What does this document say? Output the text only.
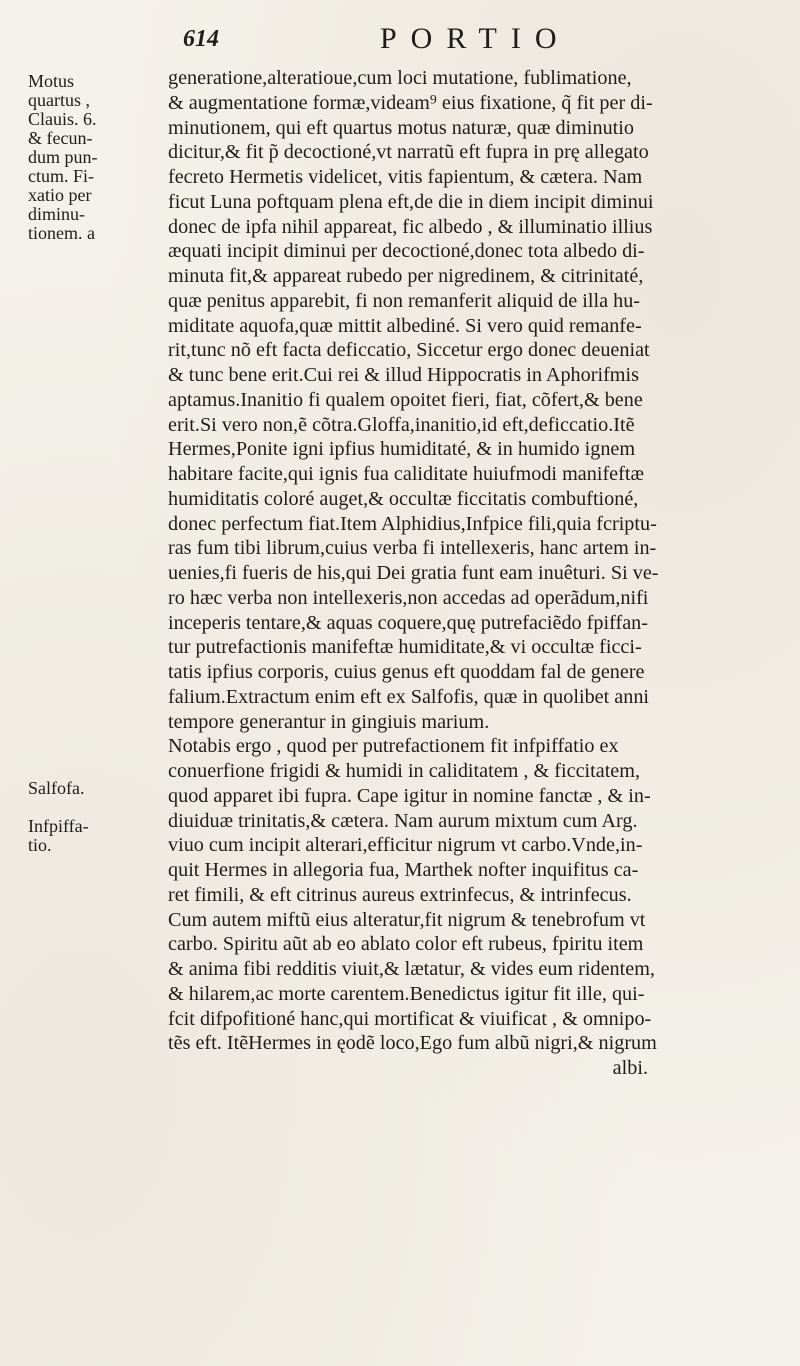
614	PORTIO
Motus
quartus ,
Clauis. 6.
& fecun-
dum pun-
ctum. Fi-
xatio per
diminu-
tionem. a
Salfofa.
Infpiffa-
tio.
generatione,alteratioue,cum loci mutatione, fublimatione,
& augmentatione formæ,videam⁹ eius fixatione, q̃ fit per di-
minutionem, qui eft quartus motus naturæ, quæ diminutio
dicitur,& fit p̃ decoctioné,vt narratũ eft fupra in prę allegato
fecreto Hermetis videlicet, vitis fapientum, & cætera. Nam
ficut Luna poftquam plena eft,de die in diem incipit diminui
donec de ipfa nihil appareat, fic albedo , & illuminatio illius
æquati incipit diminui per decoctioné,donec tota albedo di-
minuta fit,& appareat rubedo per nigredinem, & citrinitaté,
quæ penitus apparebit, fi non remanferit aliquid de illa hu-
miditate aquofa,quæ mittit albediné. Si vero quid remanfe-
rit,tunc nõ eft facta deficcatio, Siccetur ergo donec deueniat
& tunc bene erit.Cui rei & illud Hippocratis in Aphorifmis
aptamus.Inanitio fi qualem opoitet fieri, fiat, cõfert,& bene
erit.Si vero non,ẽ cõtra.Gloffa,inanitio,id eft,deficcatio.Itẽ
Hermes,Ponite igni ipfius humiditaté, & in humido ignem
habitare facite,qui ignis fua caliditate huiufmodi manifeftæ
humiditatis coloré auget,& occultæ ficcitatis combuftioné,
donec perfectum fiat.Item Alphidius,Infpice fili,quia fcriptu-
ras fum tibi librum,cuius verba fi intellexeris, hanc artem in-
uenies,fi fueris de his,qui Dei gratia funt eam inuêturi. Si ve-
ro hæc verba non intellexeris,non accedas ad operãdum,nifi
inceperis tentare,& aquas coquere,quę putrefaciẽdo fpiffan-
tur putrefactionis manifeftæ humiditate,& vi occultæ ficci-
tatis ipfius corporis, cuius genus eft quoddam fal de genere
falium.Extractum enim eft ex Salfofis, quæ in quolibet anni
tempore generantur in gingiuis marium.
Notabis ergo , quod per putrefactionem fit infpiffatio ex
conuerfione frigidi & humidi in caliditatem , & ficcitatem,
quod apparet ibi fupra. Cape igitur in nomine fanctæ , & in-
diuiduæ trinitatis,& cætera. Nam aurum mixtum cum Arg.
viuo cum incipit alterari,efficitur nigrum vt carbo.Vnde,in-
quit Hermes in allegoria fua, Marthek nofter inquifitus ca-
ret fimili, & eft citrinus aureus extrinfecus, & intrinfecus.
Cum autem miftũ eius alteratur,fit nigrum & tenebrofum vt
carbo. Spiritu aũt ab eo ablato color eft rubeus, fpiritu item
& anima fibi redditis viuit,& lætatur, & vides eum ridentem,
& hilarem,ac morte carentem.Benedictus igitur fit ille, qui-
fcit difpofitioné hanc,qui mortificat & viuificat , & omnipo-
tẽs eft. ItẽHermes in ęodẽ loco,Ego fum albũ nigri,& nigrum
albi.
